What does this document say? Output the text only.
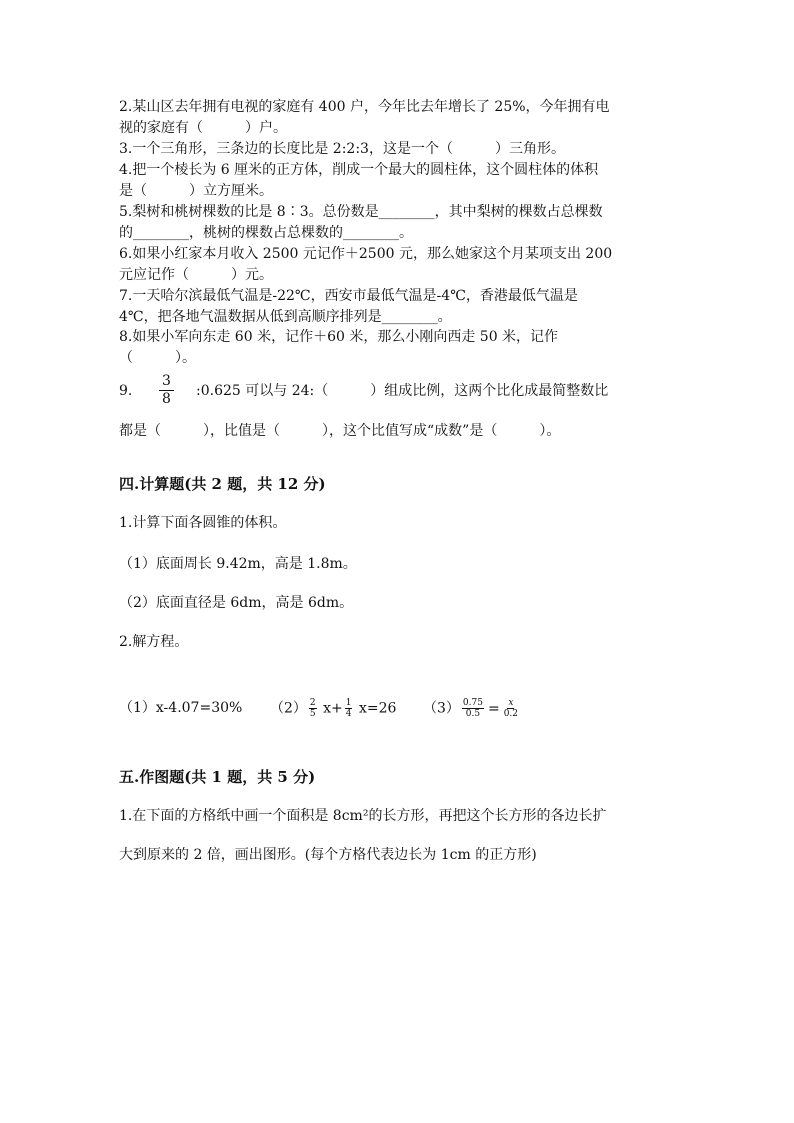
2.某山区去年拥有电视的家庭有 400 户，今年比去年增长了 25%，今年拥有电
视的家庭有（　　　）户。
3.一个三角形，三条边的长度比是 2:2:3，这是一个（　　　）三角形。
4.把一个棱长为 6 厘米的正方体，削成一个最大的圆柱体，这个圆柱体的体积
是（　　　）立方厘米。
5.梨树和桃树棵数的比是 8∶3。总份数是________，其中梨树的棵数占总棵数
的________，桃树的棵数占总棵数的________。
6.如果小红家本月收入 2500 元记作＋2500 元，那么她家这个月某项支出 200
元应记作（　　　）元。
7.一天哈尔滨最低气温是-22℃，西安市最低气温是-4℃，香港最低气温是
4℃，把各地气温数据从低到高顺序排列是________。
8.如果小军向东走 60 米，记作＋60 米，那么小刚向西走 50 米，记作
（　　　）。
9. $\frac{3}{8}$ :0.625 可以与 24:（　　　）组成比例，这两个比化成最简整数比
都是（　　　），比值是（　　　），这个比值写成“成数”是（　　　）。
四.计算题(共 2 题，共 12 分)
1.计算下面各圆锥的体积。
（1）底面周长 9.42m，高是 1.8m。
（2）底面直径是 6dm，高是 6dm。
2.解方程。
（1）x-4.07=30% $(2) \frac{2}{5} x+ \frac{1}{4} x=26$ $(3) \frac{0.75}{0.5} = \frac{x}{0.2}$
五.作图题(共 1 题，共 5 分)
1.在下面的方格纸中画一个面积是 8cm²的长方形，再把这个长方形的各边长扩
大到原来的 2 倍，画出图形。(每个方格代表边长为 1cm 的正方形)
